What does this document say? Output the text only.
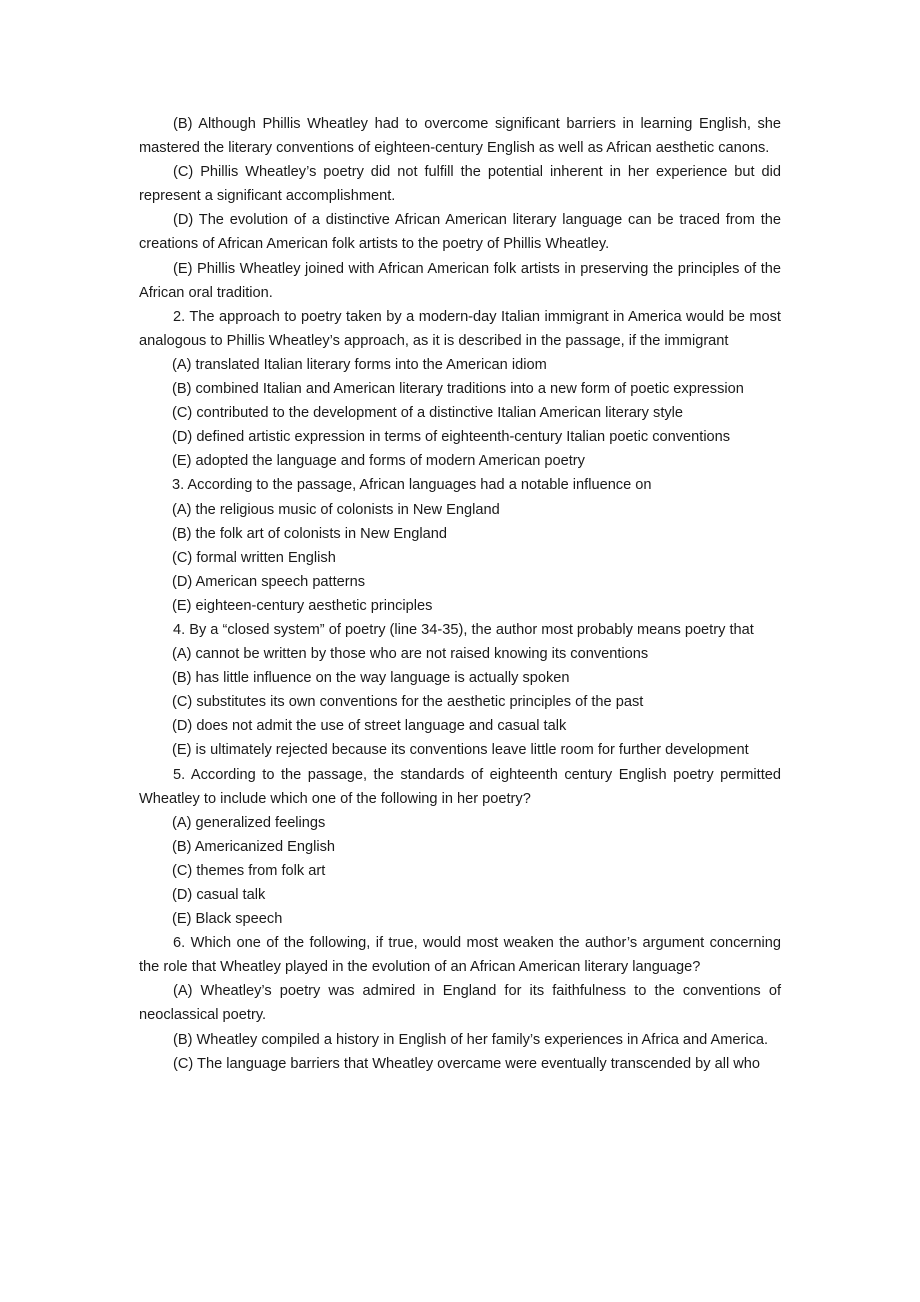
(B) Although Phillis Wheatley had to overcome significant barriers in learning English, she mastered the literary conventions of eighteen-century English as well as African aesthetic canons.

(C) Phillis Wheatley’s poetry did not fulfill the potential inherent in her experience but did represent a significant accomplishment.

(D) The evolution of a distinctive African American literary language can be traced from the creations of African American folk artists to the poetry of Phillis Wheatley.

(E) Phillis Wheatley joined with African American folk artists in preserving the principles of the African oral tradition.

2. The approach to poetry taken by a modern-day Italian immigrant in America would be most analogous to Phillis Wheatley’s approach, as it is described in the passage, if the immigrant

(A) translated Italian literary forms into the American idiom

(B) combined Italian and American literary traditions into a new form of poetic expression

(C) contributed to the development of a distinctive Italian American literary style

(D) defined artistic expression in terms of eighteenth-century Italian poetic conventions

(E) adopted the language and forms of modern American poetry

3. According to the passage, African languages had a notable influence on

(A) the religious music of colonists in New England

(B) the folk art of colonists in New England

(C) formal written English

(D) American speech patterns

(E) eighteen-century aesthetic principles

4. By a “closed system” of poetry (line 34-35), the author most probably means poetry that

(A) cannot be written by those who are not raised knowing its conventions

(B) has little influence on the way language is actually spoken

(C) substitutes its own conventions for the aesthetic principles of the past

(D) does not admit the use of street language and casual talk

(E) is ultimately rejected because its conventions leave little room for further development

5. According to the passage, the standards of eighteenth century English poetry permitted Wheatley to include which one of the following in her poetry?

(A) generalized feelings

(B) Americanized English

(C) themes from folk art

(D) casual talk

(E) Black speech

6. Which one of the following, if true, would most weaken the author’s argument concerning the role that Wheatley played in the evolution of an African American literary language?

(A) Wheatley’s poetry was admired in England for its faithfulness to the conventions of neoclassical poetry.

(B) Wheatley compiled a history in English of her family’s experiences in Africa and America.

(C) The language barriers that Wheatley overcame were eventually transcended by all who
